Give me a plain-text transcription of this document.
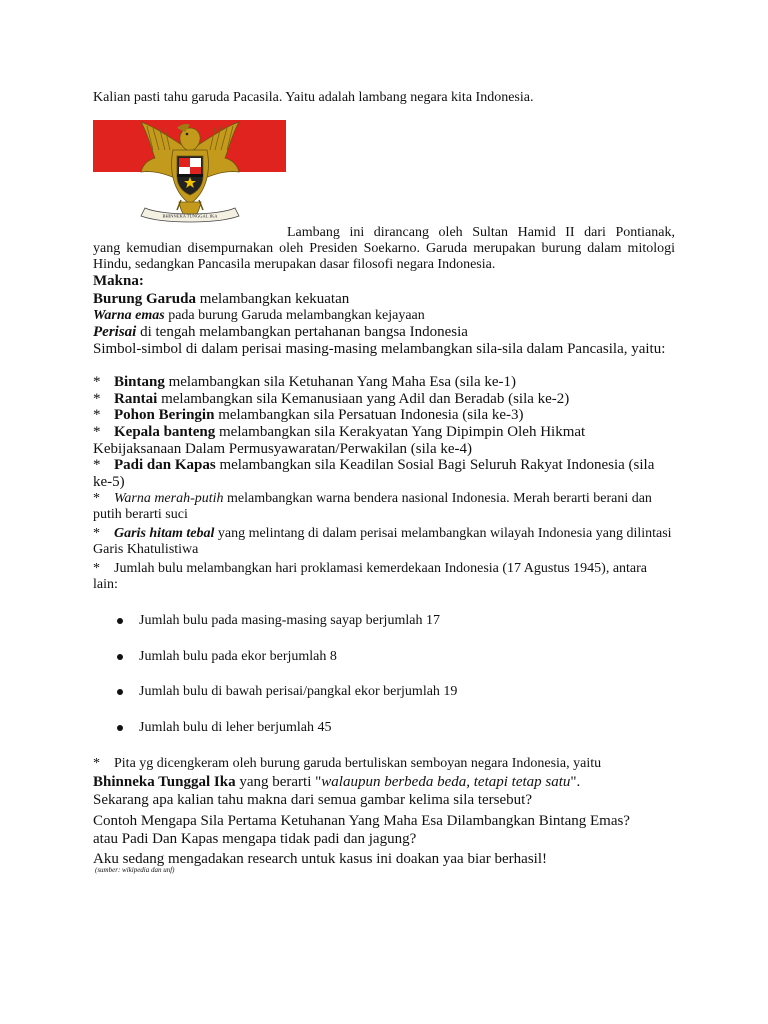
Kalian pasti tahu garuda Pacasila. Yaitu adalah lambang negara kita Indonesia.

BHINNEKA TUNGGAL IKA

Lambang ini dirancang oleh Sultan Hamid II dari Pontianak,

yang kemudian disempurnakan oleh Presiden Soekarno. Garuda merupakan burung dalam mitologi Hindu, sedangkan Pancasila merupakan dasar filosofi negara Indonesia.

Makna:

Burung Garuda melambangkan kekuatan

Warna emas pada burung Garuda melambangkan kejayaan

Perisai di tengah melambangkan pertahanan bangsa Indonesia

Simbol-simbol di dalam perisai masing-masing melambangkan sila-sila dalam Pancasila, yaitu:

* Bintang melambangkan sila Ketuhanan Yang Maha Esa (sila ke-1)

* Rantai melambangkan sila Kemanusiaan yang Adil dan Beradab (sila ke-2)

* Pohon Beringin melambangkan sila Persatuan Indonesia (sila ke-3)

* Kepala banteng melambangkan sila Kerakyatan Yang Dipimpin Oleh Hikmat Kebijaksanaan Dalam Permusyawaratan/Perwakilan (sila ke-4)

* Padi dan Kapas melambangkan sila Keadilan Sosial Bagi Seluruh Rakyat Indonesia (sila ke-5)

* Warna merah-putih melambangkan warna bendera nasional Indonesia. Merah berarti berani dan putih berarti suci

* Garis hitam tebal yang melintang di dalam perisai melambangkan wilayah Indonesia yang dilintasi Garis Khatulistiwa

* Jumlah bulu melambangkan hari proklamasi kemerdekaan Indonesia (17 Agustus 1945), antara lain:

Jumlah bulu pada masing-masing sayap berjumlah 17
Jumlah bulu pada ekor berjumlah 8
Jumlah bulu di bawah perisai/pangkal ekor berjumlah 19
Jumlah bulu di leher berjumlah 45

* Pita yg dicengkeram oleh burung garuda bertuliskan semboyan negara Indonesia, yaitu

Bhinneka Tunggal Ika yang berarti "walaupun berbeda beda, tetapi tetap satu".

Sekarang apa kalian tahu makna dari semua gambar kelima sila tersebut?

Contoh Mengapa Sila Pertama Ketuhanan Yang Maha Esa Dilambangkan Bintang Emas?

atau Padi Dan Kapas mengapa tidak padi dan jagung?

Aku sedang mengadakan research untuk kasus ini doakan yaa biar berhasil!

(sumber: wikipedia dan unf)
